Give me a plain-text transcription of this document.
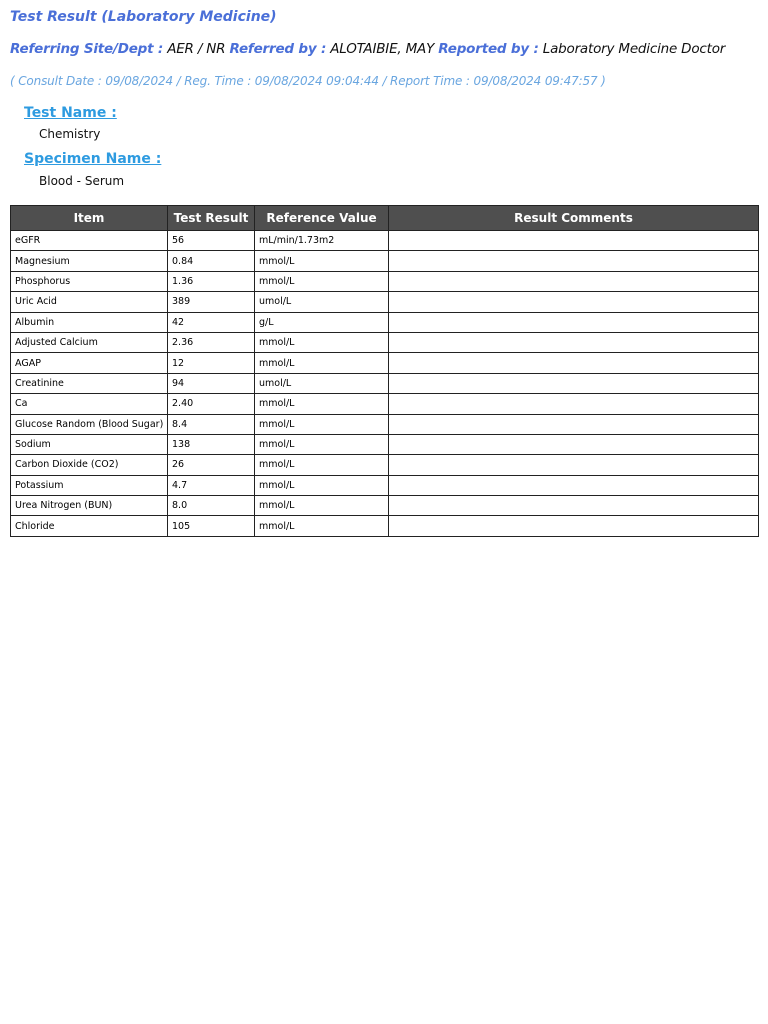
Test Result (Laboratory Medicine)
Referring Site/Dept : AER / NR Referred by : ALOTAIBIE, MAY Reported by : Laboratory Medicine Doctor
( Consult Date : 09/08/2024 / Reg. Time : 09/08/2024 09:04:44 / Report Time : 09/08/2024 09:47:57 )
Test Name :
Chemistry
Specimen Name :
Blood - Serum
Item	Test Result	Reference Value	Result Comments
eGFR	56	mL/min/1.73m2	
Magnesium	0.84	mmol/L	
Phosphorus	1.36	mmol/L	
Uric Acid	389	umol/L	
Albumin	42	g/L	
Adjusted Calcium	2.36	mmol/L	
AGAP	12	mmol/L	
Creatinine	94	umol/L	
Ca	2.40	mmol/L	
Glucose Random (Blood Sugar)	8.4	mmol/L	
Sodium	138	mmol/L	
Carbon Dioxide (CO2)	26	mmol/L	
Potassium	4.7	mmol/L	
Urea Nitrogen (BUN)	8.0	mmol/L	
Chloride	105	mmol/L	
